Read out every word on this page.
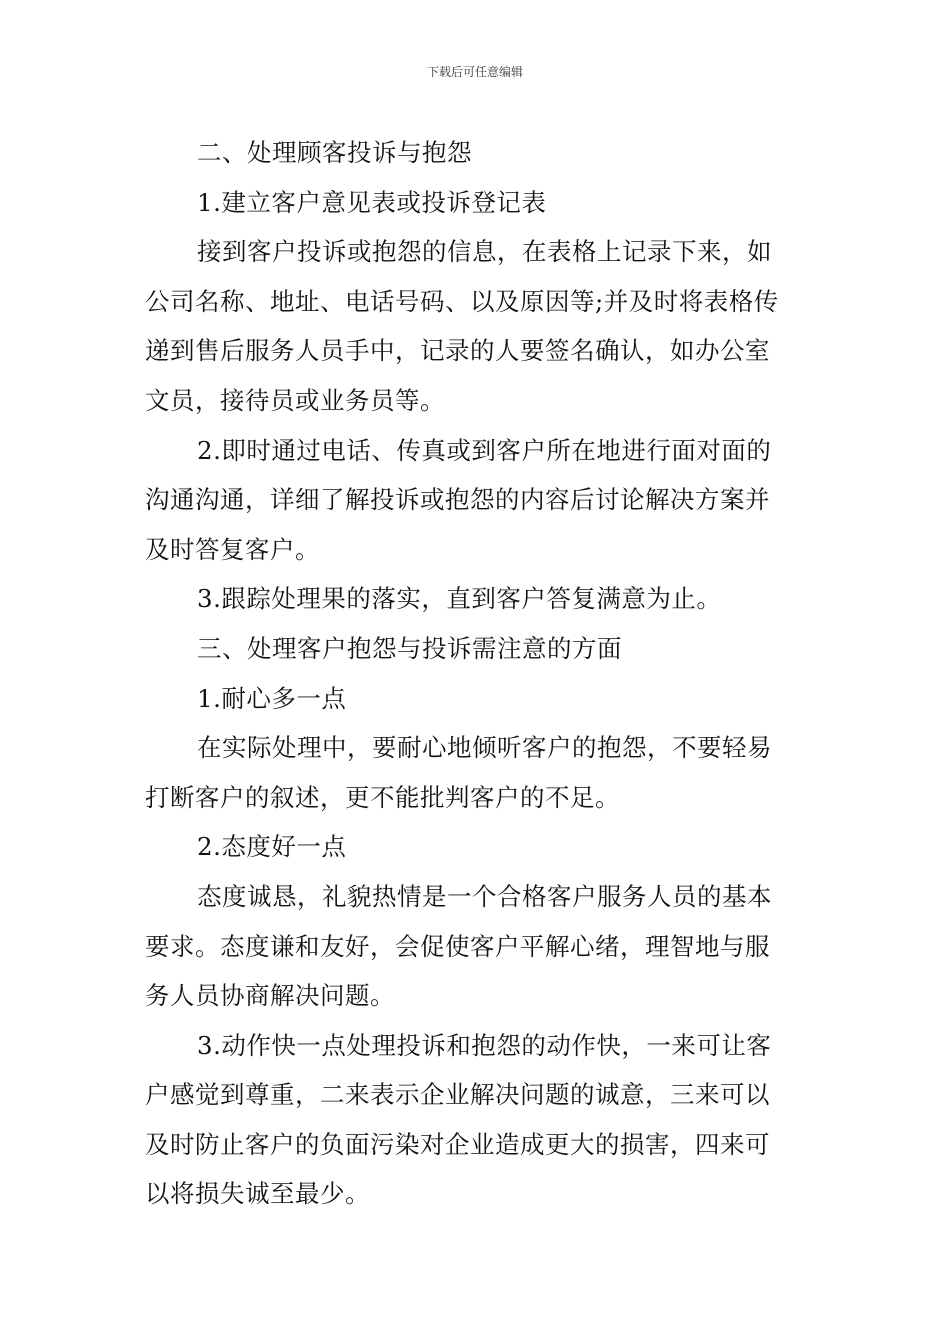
下载后可任意编辑
二、处理顾客投诉与抱怨
1.建立客户意见表或投诉登记表
接到客户投诉或抱怨的信息，在表格上记录下来，如
公司名称、地址、电话号码、以及原因等;并及时将表格传
递到售后服务人员手中，记录的人要签名确认，如办公室
文员，接待员或业务员等。
2.即时通过电话、传真或到客户所在地进行面对面的
沟通沟通，详细了解投诉或抱怨的内容后讨论解决方案并
及时答复客户。
3.跟踪处理果的落实，直到客户答复满意为止。
三、处理客户抱怨与投诉需注意的方面
1.耐心多一点
在实际处理中，要耐心地倾听客户的抱怨，不要轻易
打断客户的叙述，更不能批判客户的不足。
2.态度好一点
态度诚恳，礼貌热情是一个合格客户服务人员的基本
要求。态度谦和友好，会促使客户平解心绪，理智地与服
务人员协商解决问题。
3.动作快一点处理投诉和抱怨的动作快，一来可让客
户感觉到尊重，二来表示企业解决问题的诚意，三来可以
及时防止客户的负面污染对企业造成更大的损害，四来可
以将损失诚至最少。
